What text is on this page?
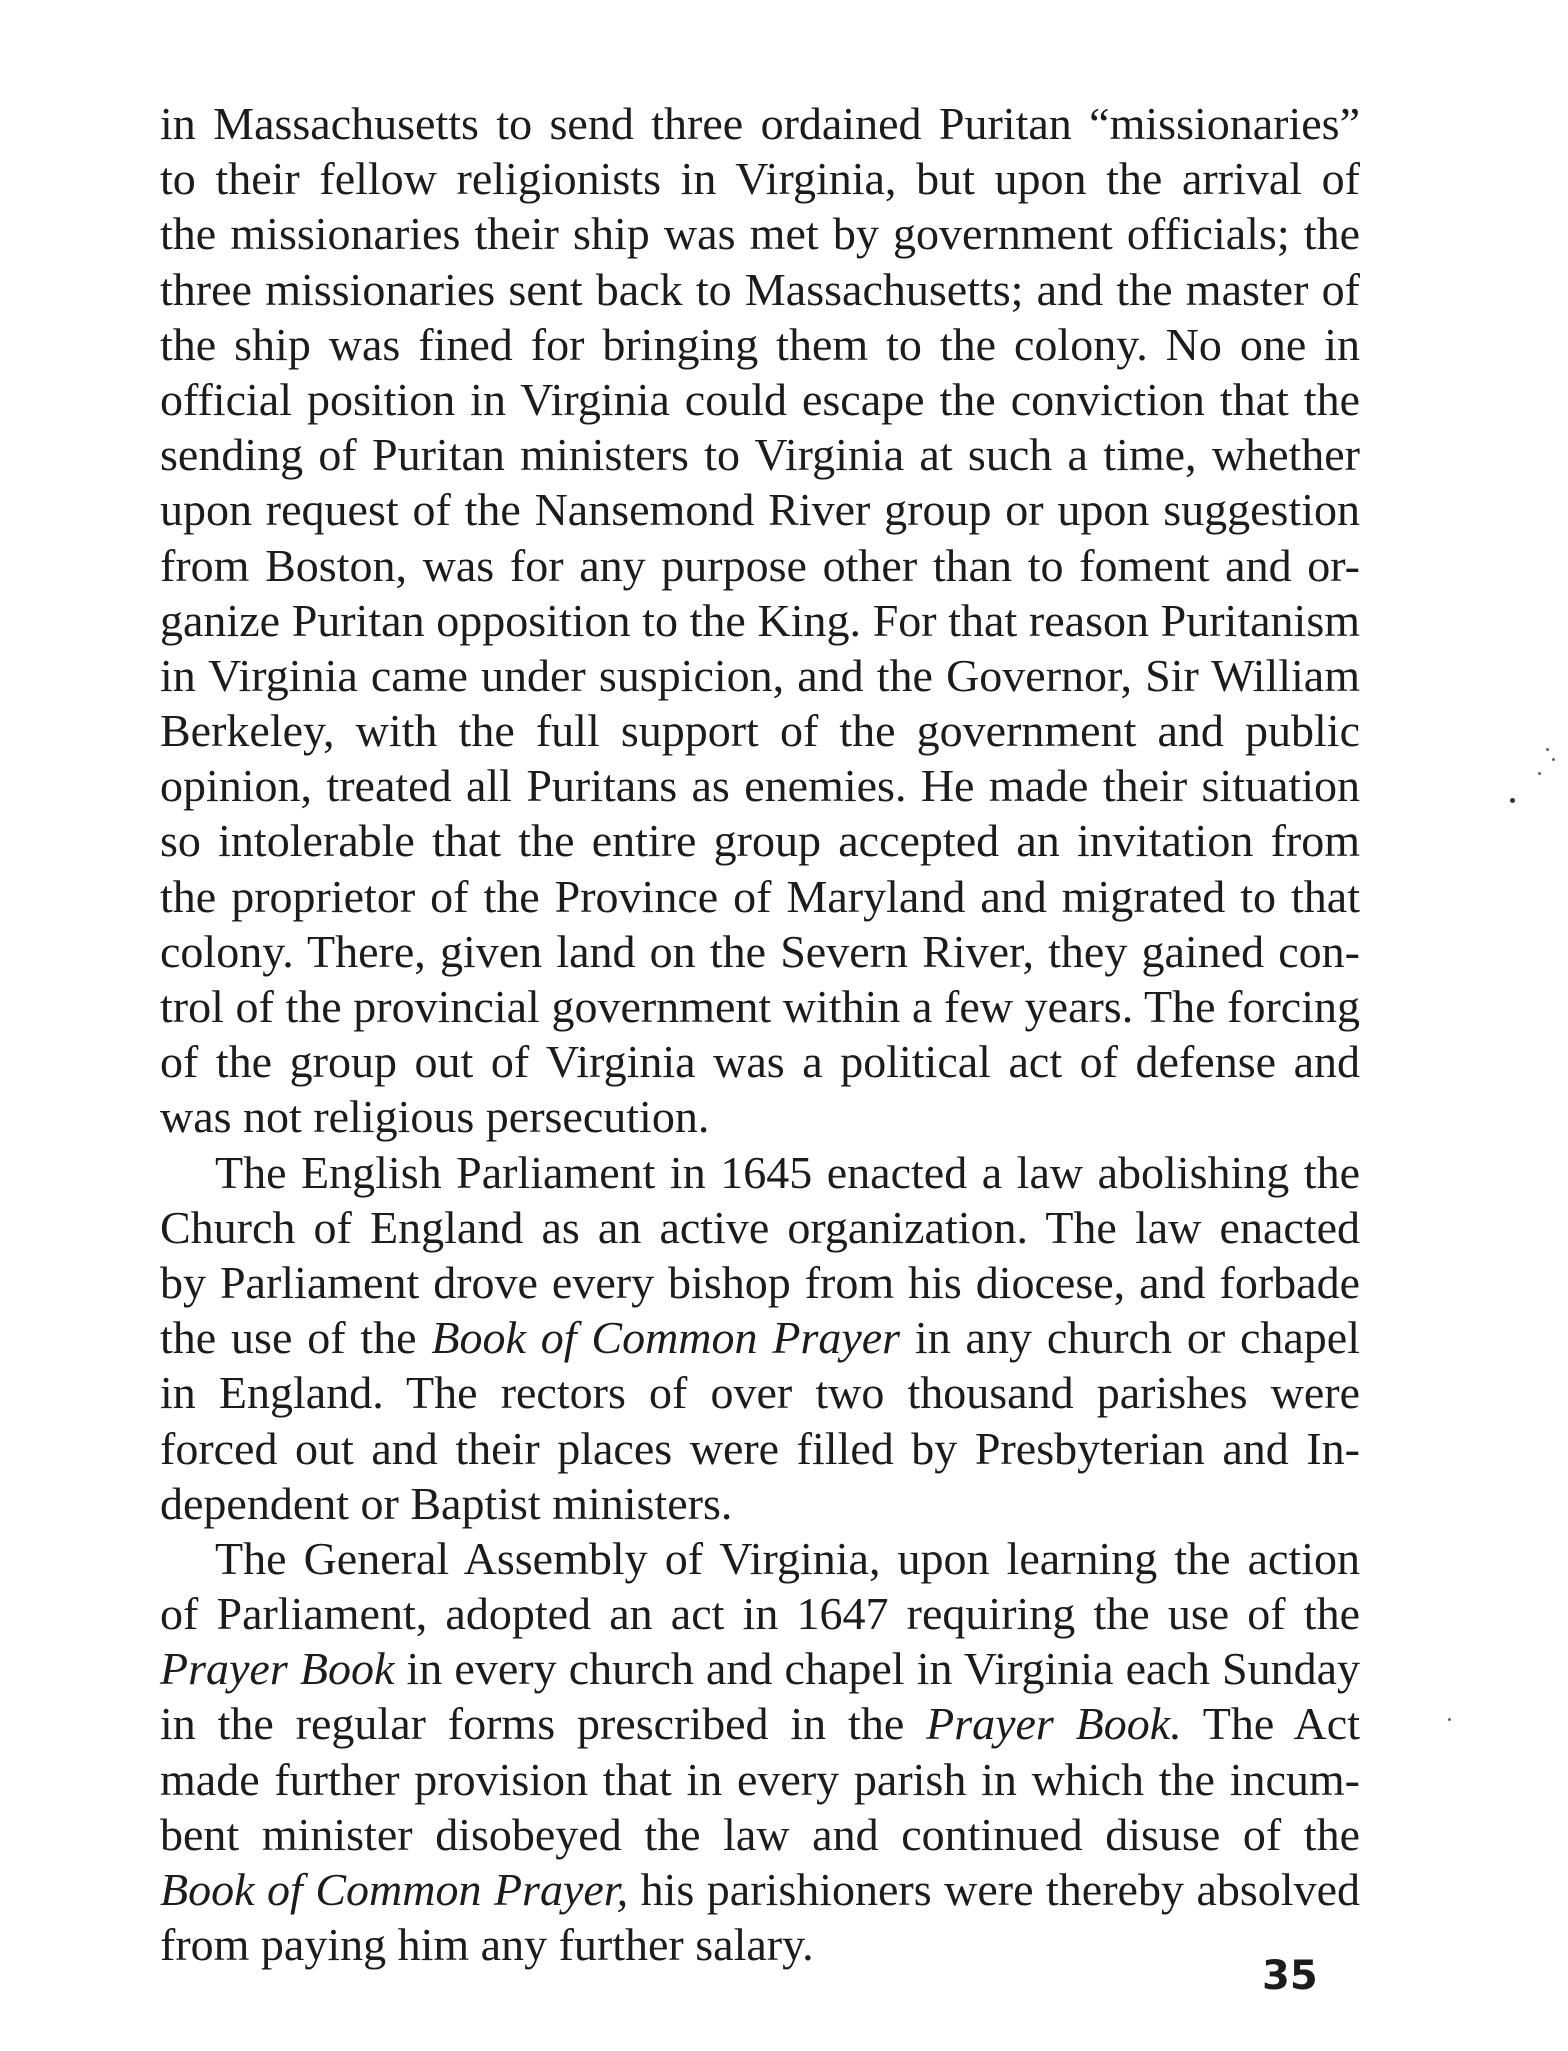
in Massachusetts to send three ordained Puritan “missionaries”
to their fellow religionists in Virginia, but upon the arrival of
the missionaries their ship was met by government officials; the
three missionaries sent back to Massachusetts; and the master of
the ship was fined for bringing them to the colony. No one in
official position in Virginia could escape the conviction that the
sending of Puritan ministers to Virginia at such a time, whether
upon request of the Nansemond River group or upon suggestion
from Boston, was for any purpose other than to foment and or-
ganize Puritan opposition to the King. For that reason Puritanism
in Virginia came under suspicion, and the Governor, Sir William
Berkeley, with the full support of the government and public
opinion, treated all Puritans as enemies. He made their situation
so intolerable that the entire group accepted an invitation from
the proprietor of the Province of Maryland and migrated to that
colony. There, given land on the Severn River, they gained con-
trol of the provincial government within a few years. The forcing
of the group out of Virginia was a political act of defense and
was not religious persecution.
The English Parliament in 1645 enacted a law abolishing the
Church of England as an active organization. The law enacted
by Parliament drove every bishop from his diocese, and forbade
the use of the Book of Common Prayer in any church or chapel
in England. The rectors of over two thousand parishes were
forced out and their places were filled by Presbyterian and In-
dependent or Baptist ministers.
The General Assembly of Virginia, upon learning the action
of Parliament, adopted an act in 1647 requiring the use of the
Prayer Book in every church and chapel in Virginia each Sunday
in the regular forms prescribed in the Prayer Book. The Act
made further provision that in every parish in which the incum-
bent minister disobeyed the law and continued disuse of the
Book of Common Prayer, his parishioners were thereby absolved
from paying him any further salary.
35
